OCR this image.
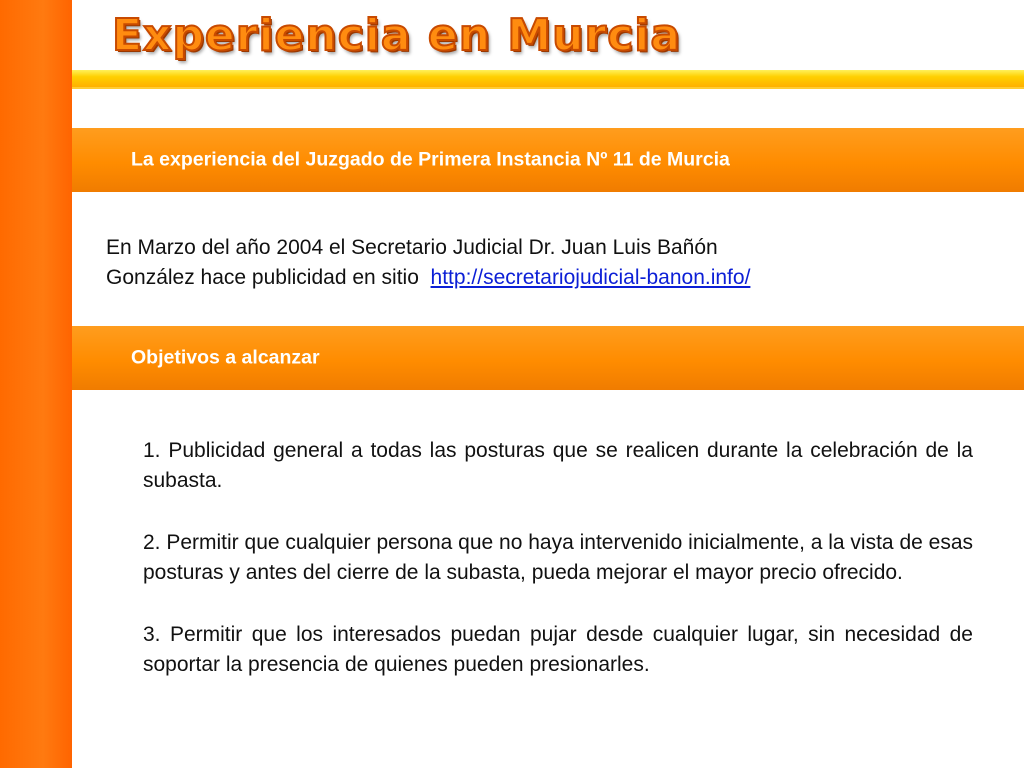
Experiencia en Murcia
La experiencia del Juzgado de Primera Instancia Nº 11 de Murcia

En Marzo del año 2004 el Secretario Judicial Dr. Juan Luis Bañón
González hace publicidad en sitio http://secretariojudicial-banon.info/

Objetivos a alcanzar
1. Publicidad general a todas las posturas que se realicen durante la celebración de la subasta.
2. Permitir que cualquier persona que no haya intervenido inicialmente, a la vista de esas posturas y antes del cierre de la subasta, pueda mejorar el mayor precio ofrecido.
3. Permitir que los interesados puedan pujar desde cualquier lugar, sin necesidad de soportar la presencia de quienes pueden presionarles.
